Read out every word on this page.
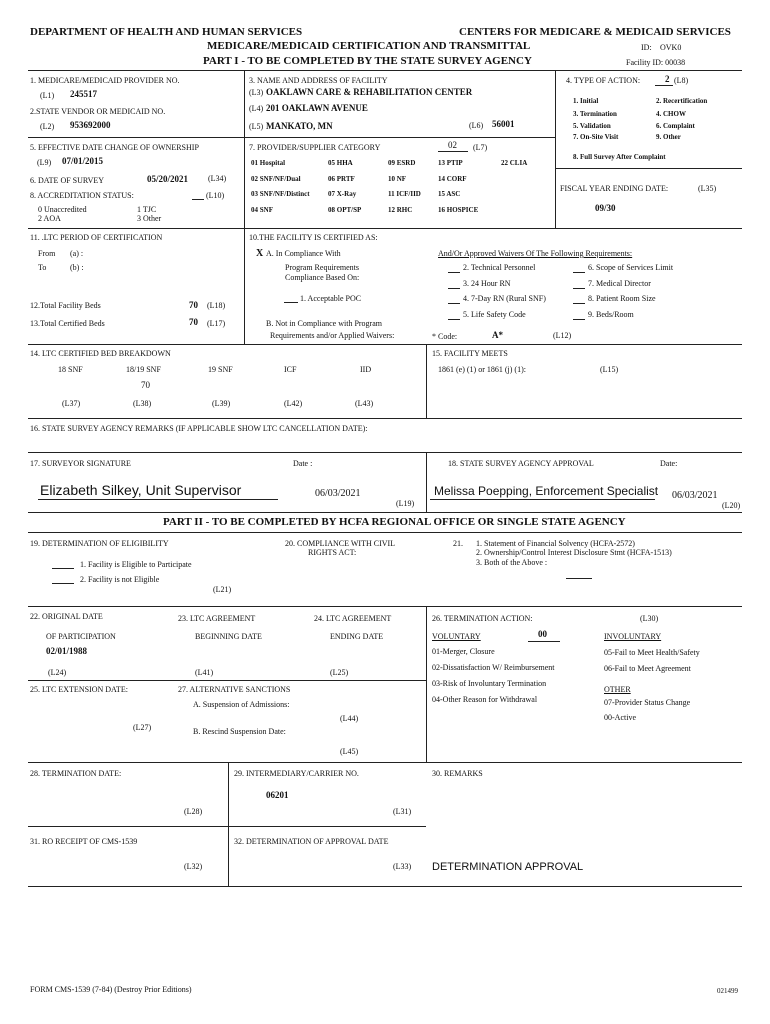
DEPARTMENT OF HEALTH AND HUMAN SERVICES	CENTERS FOR MEDICARE & MEDICAID SERVICES
MEDICARE/MEDICAID CERTIFICATION AND TRANSMITTAL	ID: OVK0
PART I - TO BE COMPLETED BY THE STATE SURVEY AGENCY	Facility ID: 00038
1. MEDICARE/MEDICAID PROVIDER NO.
(L1) 245517
2.STATE VENDOR OR MEDICAID NO.
(L2) 953692000
3. NAME AND ADDRESS OF FACILITY
(L3) OAKLAWN CARE & REHABILITATION CENTER
(L4) 201 OAKLAWN AVENUE
(L5) MANKATO, MN	(L6) 56001
4. TYPE OF ACTION:	2 (L8)
1. Initial	2. Recertification
3. Termination	4. CHOW
5. Validation	6. Complaint
7. On-Site Visit	9. Other
8. Full Survey After Complaint
5. EFFECTIVE DATE CHANGE OF OWNERSHIP
(L9) 07/01/2015
6. DATE OF SURVEY	05/20/2021 (L34)
8. ACCREDITATION STATUS:	(L10)
0 Unaccredited	1 TJC
2 AOA	3 Other
7. PROVIDER/SUPPLIER CATEGORY	02 (L7)
01 Hospital	05 HHA	09 ESRD	13 PTIP	22 CLIA
02 SNF/NF/Dual	06 PRTF	10 NF	14 CORF
03 SNF/NF/Distinct	07 X-Ray	11 ICF/IID 15 ASC
04 SNF	08 OPT/SP	12 RHC	16 HOSPICE
FISCAL YEAR ENDING DATE:	(L35)
09/30
11. .LTC PERIOD OF CERTIFICATION
From (a) :
To	(b) :
12.Total Facility Beds	70 (L18)
13.Total Certified Beds	70 (L17)
10.THE FACILITY IS CERTIFIED AS:
X A. In Compliance With
Program Requirements
Compliance Based On:
1. Acceptable POC
B. Not in Compliance with Program
Requirements and/or Applied Waivers:	* Code:	A*	(L12)
And/Or Approved Waivers Of The Following Requirements:
2. Technical Personnel
3. 24 Hour RN
4. 7-Day RN (Rural SNF)
5. Life Safety Code
6. Scope of Services Limit
7. Medical Director
8. Patient Room Size
9. Beds/Room
14. LTC CERTIFIED BED BREAKDOWN
18 SNF	18/19 SNF	19 SNF	ICF	IID
70
(L37)	(L38)	(L39)	(L42)	(L43)
15. FACILITY MEETS
1861 (e) (1) or 1861 (j) (1):	(L15)
16. STATE SURVEY AGENCY REMARKS (IF APPLICABLE SHOW LTC CANCELLATION DATE):
17. SURVEYOR SIGNATURE	Date :
Elizabeth Silkey, Unit Supervisor	06/03/2021
(L19)
18. STATE SURVEY AGENCY APPROVAL	Date:
Melissa Poepping, Enforcement Specialist 06/03/2021
(L20)
PART II - TO BE COMPLETED BY HCFA REGIONAL OFFICE OR SINGLE STATE AGENCY
19. DETERMINATION OF ELIGIBILITY
1. Facility is Eligible to Participate
2. Facility is not Eligible
(L21)
20. COMPLIANCE WITH CIVIL
RIGHTS ACT:
21. 1. Statement of Financial Solvency (HCFA-2572)
2. Ownership/Control Interest Disclosure Stmt (HCFA-1513)
3. Both of the Above :
22. ORIGINAL DATE
OF PARTICIPATION
02/01/1988
(L24)
23. LTC AGREEMENT
BEGINNING DATE
(L41)
24. LTC AGREEMENT
ENDING DATE
(L25)
25. LTC EXTENSION DATE:
(L27)
27. ALTERNATIVE SANCTIONS
A. Suspension of Admissions:
(L44)
B. Rescind Suspension Date:
(L45)
26. TERMINATION ACTION:	(L30)
VOLUNTARY	00	INVOLUNTARY
01-Merger, Closure
02-Dissatisfaction W/ Reimbursement
03-Risk of Involuntary Termination
04-Other Reason for Withdrawal
05-Fail to Meet Health/Safety
06-Fail to Meet Agreement
OTHER
07-Provider Status Change
00-Active
28. TERMINATION DATE:
(L28)
29. INTERMEDIARY/CARRIER NO.
06201
(L31)
30. REMARKS
31. RO RECEIPT OF CMS-1539
(L32)
32. DETERMINATION OF APPROVAL DATE
(L33) DETERMINATION APPROVAL
FORM CMS-1539 (7-84) (Destroy Prior Editions)	021499
